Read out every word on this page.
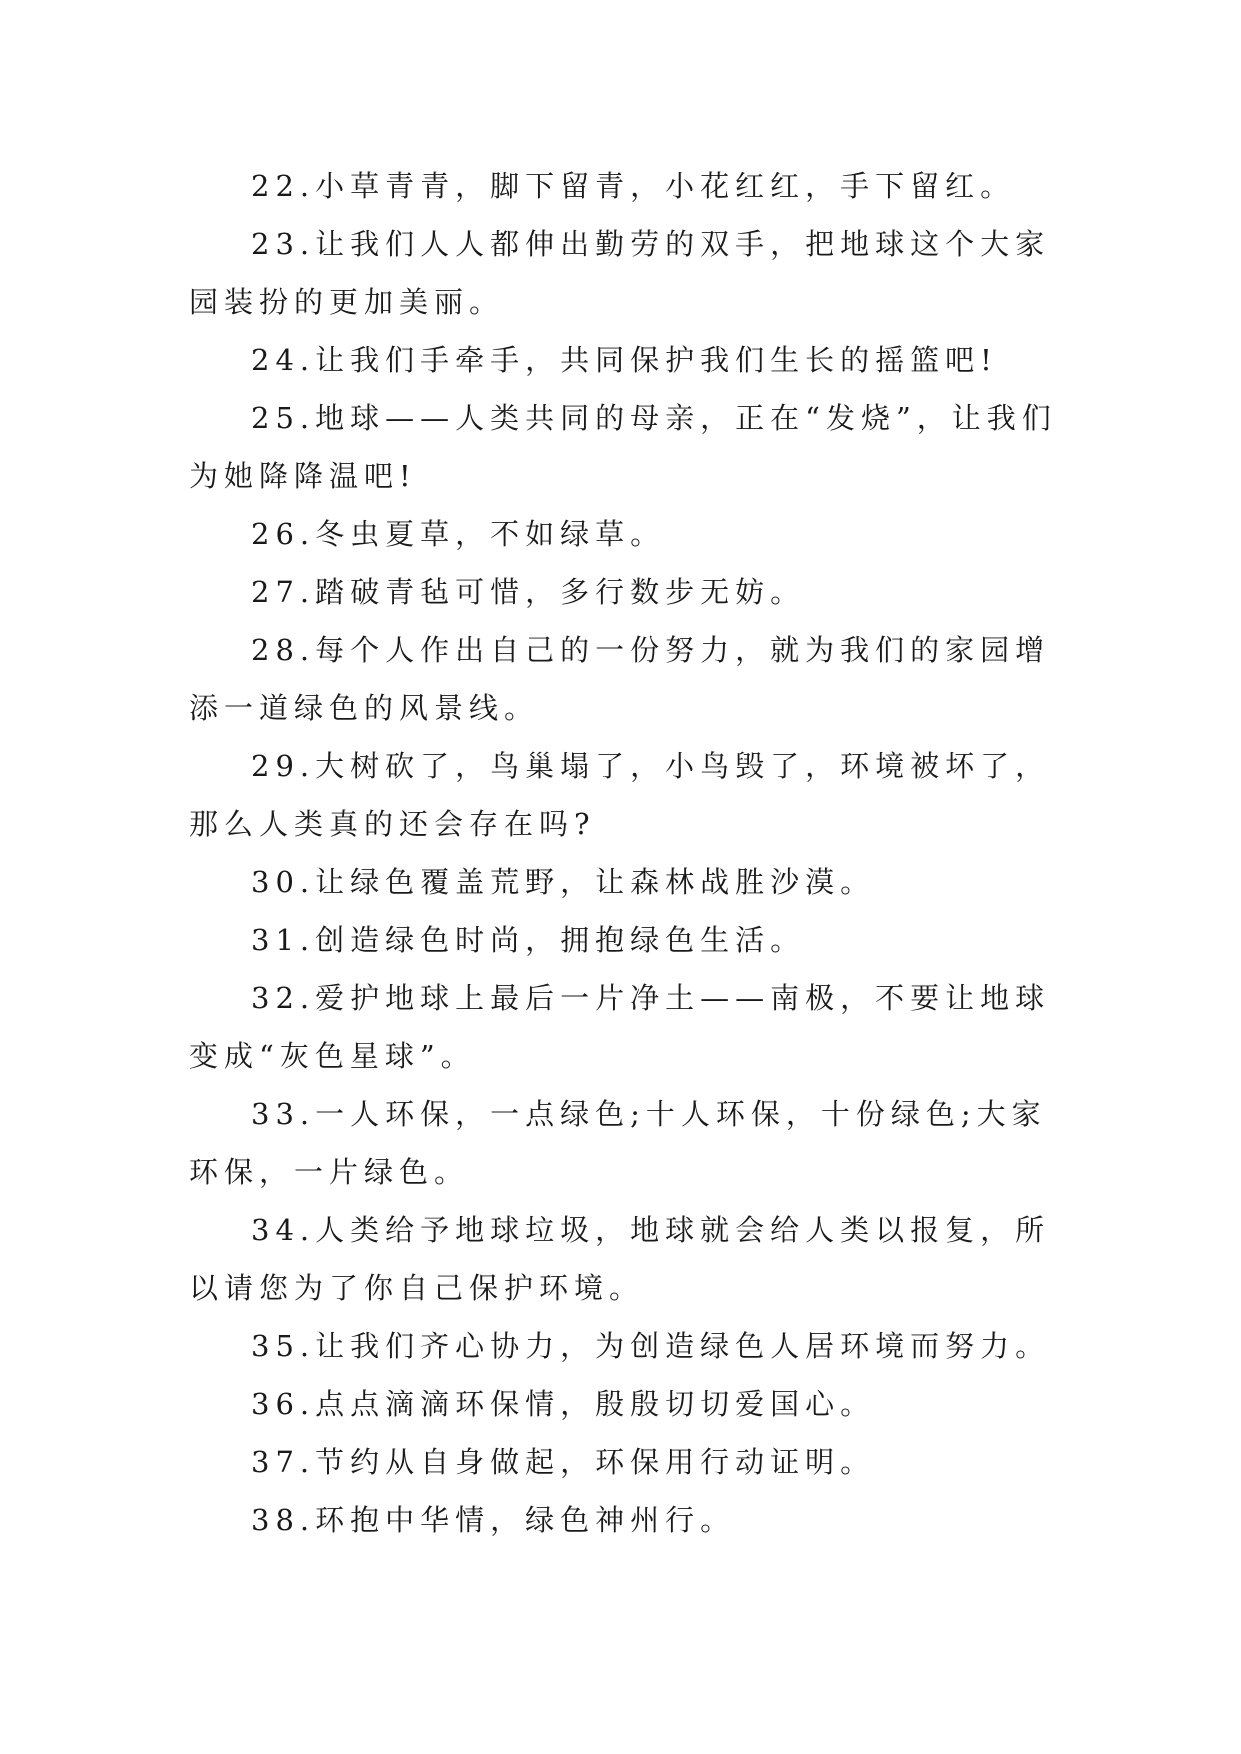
22.小草青青，脚下留青，小花红红，手下留红。

23.让我们人人都伸出勤劳的双手，把地球这个大家园装扮的更加美丽。

24.让我们手牵手，共同保护我们生长的摇篮吧!

25.地球——人类共同的母亲，正在“发烧”，让我们为她降降温吧!

26.冬虫夏草，不如绿草。

27.踏破青毡可惜，多行数步无妨。

28.每个人作出自己的一份努力，就为我们的家园增添一道绿色的风景线。

29.大树砍了，鸟巢塌了，小鸟毁了，环境被坏了，那么人类真的还会存在吗?

30.让绿色覆盖荒野，让森林战胜沙漠。

31.创造绿色时尚，拥抱绿色生活。

32.爱护地球上最后一片净土——南极，不要让地球变成“灰色星球”。

33.一人环保，一点绿色;十人环保，十份绿色;大家环保，一片绿色。

34.人类给予地球垃圾，地球就会给人类以报复，所以请您为了你自己保护环境。

35.让我们齐心协力，为创造绿色人居环境而努力。

36.点点滴滴环保情，殷殷切切爱国心。

37.节约从自身做起，环保用行动证明。

38.环抱中华情，绿色神州行。
